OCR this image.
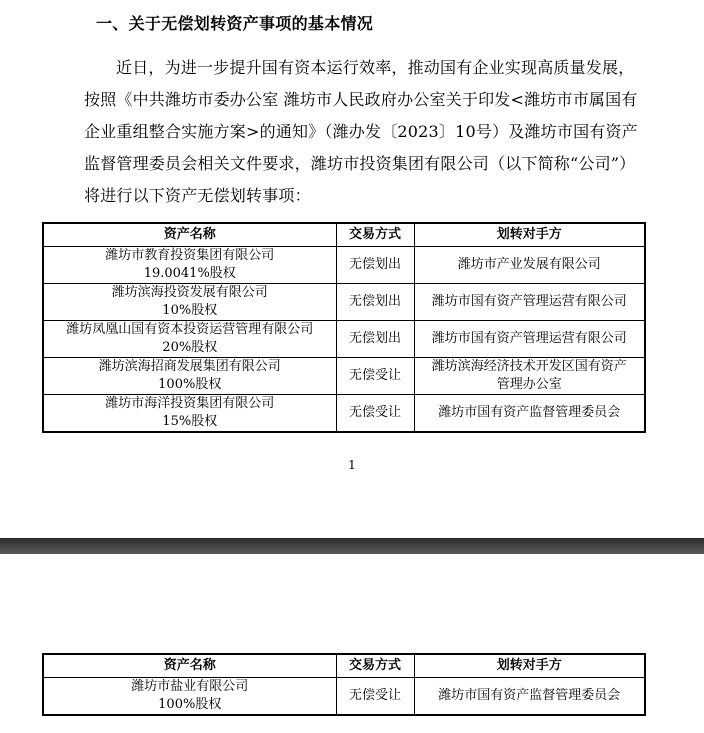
一、关于无偿划转资产事项的基本情况

近日，为进一步提升国有资本运行效率，推动国有企业实现高质量发展，按照《中共潍坊市委办公室 潍坊市人民政府办公室关于印发<潍坊市市属国有企业重组整合实施方案>的通知》（潍办发〔2023〕10号）及潍坊市国有资产监督管理委员会相关文件要求，潍坊市投资集团有限公司（以下简称“公司”）将进行以下资产无偿划转事项：

资产名称	交易方式	划转对手方

潍坊市教育投资集团有限公司
19.0041%股权	无偿划出	潍坊市产业发展有限公司

潍坊滨海投资发展有限公司
10%股权	无偿划出	潍坊市国有资产管理运营有限公司

潍坊凤凰山国有资本投资运营管理有限公司
20%股权	无偿划出	潍坊市国有资产管理运营有限公司

潍坊滨海招商发展集团有限公司
100%股权	无偿受让	潍坊滨海经济技术开发区国有资产
管理办公室

潍坊市海洋投资集团有限公司
15%股权	无偿受让	潍坊市国有资产监督管理委员会
1
资产名称	交易方式	划转对手方

潍坊市盐业有限公司
100%股权	无偿受让	潍坊市国有资产监督管理委员会
